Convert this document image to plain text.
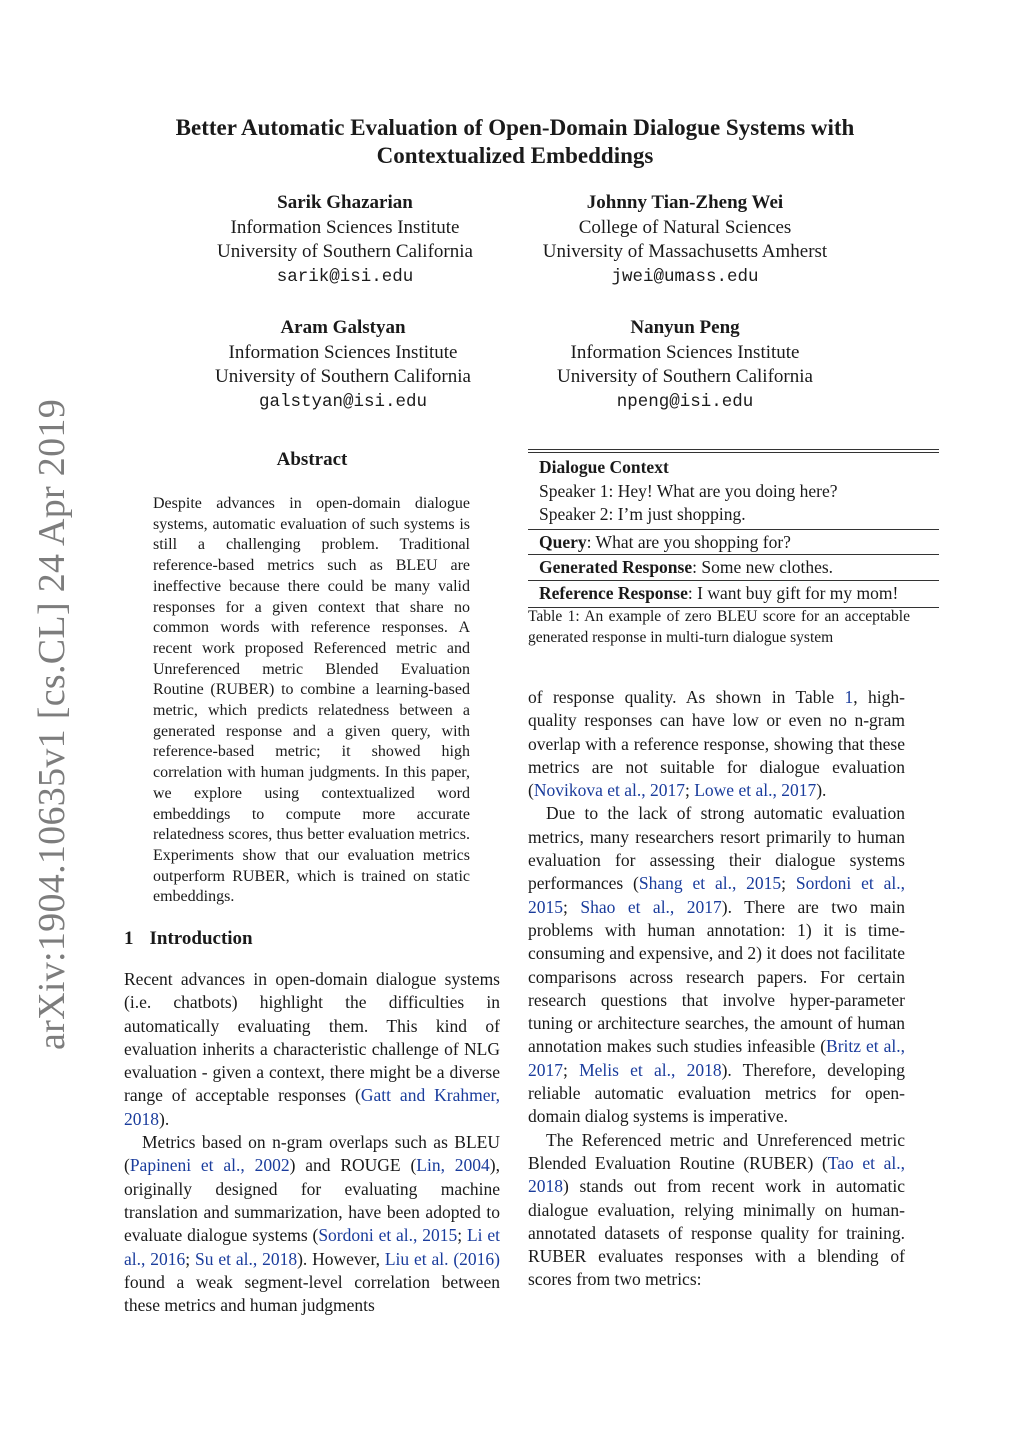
arXiv:1904.10635v1 [cs.CL] 24 Apr 2019
Better Automatic Evaluation of Open-Domain Dialogue Systems with Contextualized Embeddings
Sarik Ghazarian
Information Sciences Institute
University of Southern California
sarik@isi.edu
Johnny Tian-Zheng Wei
College of Natural Sciences
University of Massachusetts Amherst
jwei@umass.edu
Aram Galstyan
Information Sciences Institute
University of Southern California
galstyan@isi.edu
Nanyun Peng
Information Sciences Institute
University of Southern California
npeng@isi.edu
Abstract
Despite advances in open-domain dialogue systems, automatic evaluation of such systems is still a challenging problem. Traditional reference-based metrics such as BLEU are ineffective because there could be many valid responses for a given context that share no common words with reference responses. A recent work proposed Referenced metric and Unreferenced metric Blended Evaluation Routine (RUBER) to combine a learning-based metric, which predicts relatedness between a generated response and a given query, with reference-based metric; it showed high correlation with human judgments. In this paper, we explore using contextualized word embeddings to compute more accurate relatedness scores, thus better evaluation metrics. Experiments show that our evaluation metrics outperform RUBER, which is trained on static embeddings.
1 Introduction

Recent advances in open-domain dialogue systems (i.e. chatbots) highlight the difficulties in automatically evaluating them. This kind of evaluation inherits a characteristic challenge of NLG evaluation - given a context, there might be a diverse range of acceptable responses (Gatt and Krahmer, 2018).

Metrics based on n-gram overlaps such as BLEU (Papineni et al., 2002) and ROUGE (Lin, 2004), originally designed for evaluating machine translation and summarization, have been adopted to evaluate dialogue systems (Sordoni et al., 2015; Li et al., 2016; Su et al., 2018). However, Liu et al. (2016) found a weak segment-level correlation between these metrics and human judgments

Dialogue Context
Speaker 1: Hey! What are you doing here?
Speaker 2: I’m just shopping.
Query: What are you shopping for?
Generated Response: Some new clothes.
Reference Response: I want buy gift for my mom!
Table 1: An example of zero BLEU score for an acceptable generated response in multi-turn dialogue system

of response quality. As shown in Table 1, high-quality responses can have low or even no n-gram overlap with a reference response, showing that these metrics are not suitable for dialogue evaluation (Novikova et al., 2017; Lowe et al., 2017).

Due to the lack of strong automatic evaluation metrics, many researchers resort primarily to human evaluation for assessing their dialogue systems performances (Shang et al., 2015; Sordoni et al., 2015; Shao et al., 2017). There are two main problems with human annotation: 1) it is time-consuming and expensive, and 2) it does not facilitate comparisons across research papers. For certain research questions that involve hyper-parameter tuning or architecture searches, the amount of human annotation makes such studies infeasible (Britz et al., 2017; Melis et al., 2018). Therefore, developing reliable automatic evaluation metrics for open-domain dialog systems is imperative.

The Referenced metric and Unreferenced metric Blended Evaluation Routine (RUBER) (Tao et al., 2018) stands out from recent work in automatic dialogue evaluation, relying minimally on human-annotated datasets of response quality for training. RUBER evaluates responses with a blending of scores from two metrics:
